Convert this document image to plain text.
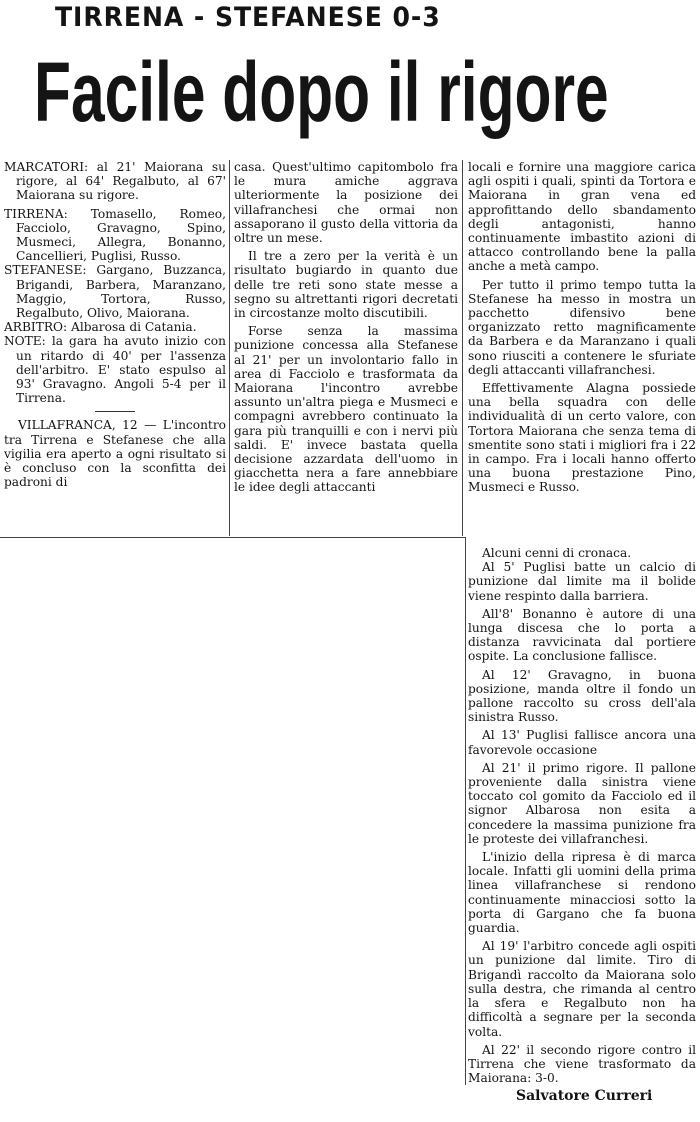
TIRRENA - STEFANESE 0-3
Facile dopo il rigore

MARCATORI: al 21' Maiorana su rigore, al 64' Regalbuto, al 67' Maiorana su rigore.

TIRRENA: Tomasello, Romeo, Facciolo, Gravagno, Spino, Musmeci, Allegra, Bonanno, Cancellieri, Puglisi, Russo.

STEFANESE: Gargano, Buzzanca, Brigandi, Barbera, Maranzano, Maggio, Tortora, Russo, Regalbuto, Olivo, Maiorana.

ARBITRO: Albarosa di Catania.

NOTE: la gara ha avuto inizio con un ritardo di 40' per l'assenza dell'arbitro. E' stato espulso al 93' Gravagno. Angoli 5-4 per il Tirrena.

VILLAFRANCA, 12 — L'incontro tra Tirrena e Stefanese che alla vigilia era aperto a ogni risultato si è concluso con la sconfitta dei padroni di

casa. Quest'ultimo capitombolo fra le mura amiche aggrava ulteriormente la posizione dei villafranchesi che ormai non assaporano il gusto della vittoria da oltre un mese.

Il tre a zero per la verità è un risultato bugiardo in quanto due delle tre reti sono state messe a segno su altrettanti rigori decretati in circostanze molto discutibili.

Forse senza la massima punizione concessa alla Stefanese al 21' per un involontario fallo in area di Facciolo e trasformata da Maiorana l'incontro avrebbe assunto un'altra piega e Musmeci e compagni avrebbero continuato la gara più tranquilli e con i nervi più saldi. E' invece bastata quella decisione azzardata dell'uomo in giacchetta nera a fare annebbiare le idee degli attaccanti

locali e fornire una maggiore carica agli ospiti i quali, spinti da Tortora e Maiorana in gran vena ed approfittando dello sbandamento degli antagonisti, hanno continuamente imbastito azioni di attacco controllando bene la palla anche a metà campo.

Per tutto il primo tempo tutta la Stefanese ha messo in mostra un pacchetto difensivo bene organizzato retto magnificamente da Barbera e da Maranzano i quali sono riusciti a contenere le sfuriate degli attaccanti villafranchesi.

Effettivamente Alagna possiede una bella squadra con delle individualità di un certo valore, con Tortora Maiorana che senza tema di smentite sono stati i migliori fra i 22 in campo. Fra i locali hanno offerto una buona prestazione Pino, Musmeci e Russo.

Alcuni cenni di cronaca.

Al 5' Puglisi batte un calcio di punizione dal limite ma il bolide viene respinto dalla barriera.

All'8' Bonanno è autore di una lunga discesa che lo porta a distanza ravvicinata dal portiere ospite. La conclusione fallisce.

Al 12' Gravagno, in buona posizione, manda oltre il fondo un pallone raccolto su cross dell'ala sinistra Russo.

Al 13' Puglisi fallisce ancora una favorevole occasione

Al 21' il primo rigore. Il pallone proveniente dalla sinistra viene toccato col gomito da Facciolo ed il signor Albarosa non esita a concedere la massima punizione fra le proteste dei villafranchesi.

L'inizio della ripresa è di marca locale. Infatti gli uomini della prima linea villafranchese si rendono continuamente minacciosi sotto la porta di Gargano che fa buona guardia.

Al 19' l'arbitro concede agli ospiti un punizione dal limite. Tiro di Brigandì raccolto da Maiorana solo sulla destra, che rimanda al centro la sfera e Regalbuto non ha difficoltà a segnare per la seconda volta.

Al 22' il secondo rigore contro il Tirrena che viene trasformato da Maiorana: 3-0.

Salvatore Curreri
